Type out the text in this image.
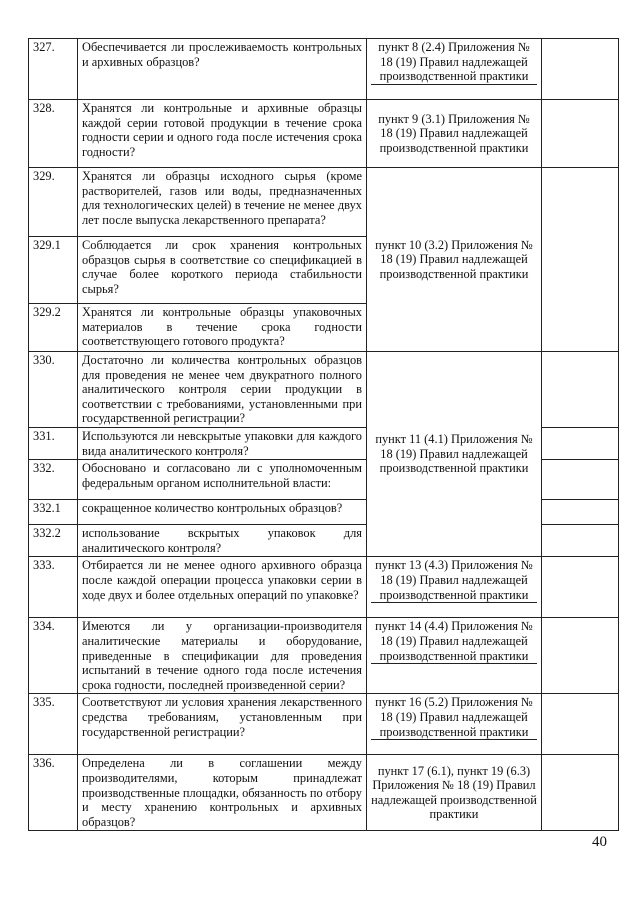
327.	Обеспечивается ли прослеживаемость контрольных и архивных образцов?	пункт 8 (2.4) Приложения № 18 (19) Правил надлежащей производственной практики	
328.	Хранятся ли контрольные и архивные образцы каждой серии готовой продукции в течение срока годности серии и одного года после истечения срока годности?	пункт 9 (3.1) Приложения № 18 (19) Правил надлежащей производственной практики	
329.	Хранятся ли образцы исходного сырья (кроме растворителей, газов или воды, предназначенных для технологических целей) в течение не менее двух лет после выпуска лекарственного препарата?	пункт 10 (3.2) Приложения № 18 (19) Правил надлежащей производственной практики	
329.1	Соблюдается ли срок хранения контрольных образцов сырья в соответствие со спецификацией в случае более короткого периода стабильности сырья?		
329.2	Хранятся ли контрольные образцы упаковочных материалов в течение срока годности соответствующего готового продукта?		
330.	Достаточно ли количества контрольных образцов для проведения не менее чем двукратного полного аналитического контроля серии продукции в соответствии с требованиями, установленными при государственной регистрации?	пункт 11 (4.1) Приложения № 18 (19) Правил надлежащей производственной практики	
331.	Используются ли невскрытые упаковки для каждого вида аналитического контроля?		
332.	Обосновано и согласовано ли с уполномоченным федеральным органом исполнительной власти:		
332.1	сокращенное количество контрольных образцов?		
332.2	использование вскрытых упаковок для аналитического контроля?		
333.	Отбирается ли не менее одного архивного образца после каждой операции процесса упаковки серии в ходе двух и более отдельных операций по упаковке?	пункт 13 (4.3) Приложения № 18 (19) Правил надлежащей производственной практики	
334.	Имеются ли у организации-производителя аналитические материалы и оборудование, приведенные в спецификации для проведения испытаний в течение одного года после истечения срока годности, последней произведенной серии?	пункт 14 (4.4) Приложения № 18 (19) Правил надлежащей производственной практики	
335.	Соответствуют ли условия хранения лекарственного средства требованиям, установленным при государственной регистрации?	пункт 16 (5.2) Приложения № 18 (19) Правил надлежащей производственной практики	
336.	Определена ли в соглашении между производителями, которым принадлежат производственные площадки, обязанность по отбору и месту хранению контрольных и архивных образцов?	пункт 17 (6.1), пункт 19 (6.3) Приложения № 18 (19) Правил надлежащей производственной практики	
40
